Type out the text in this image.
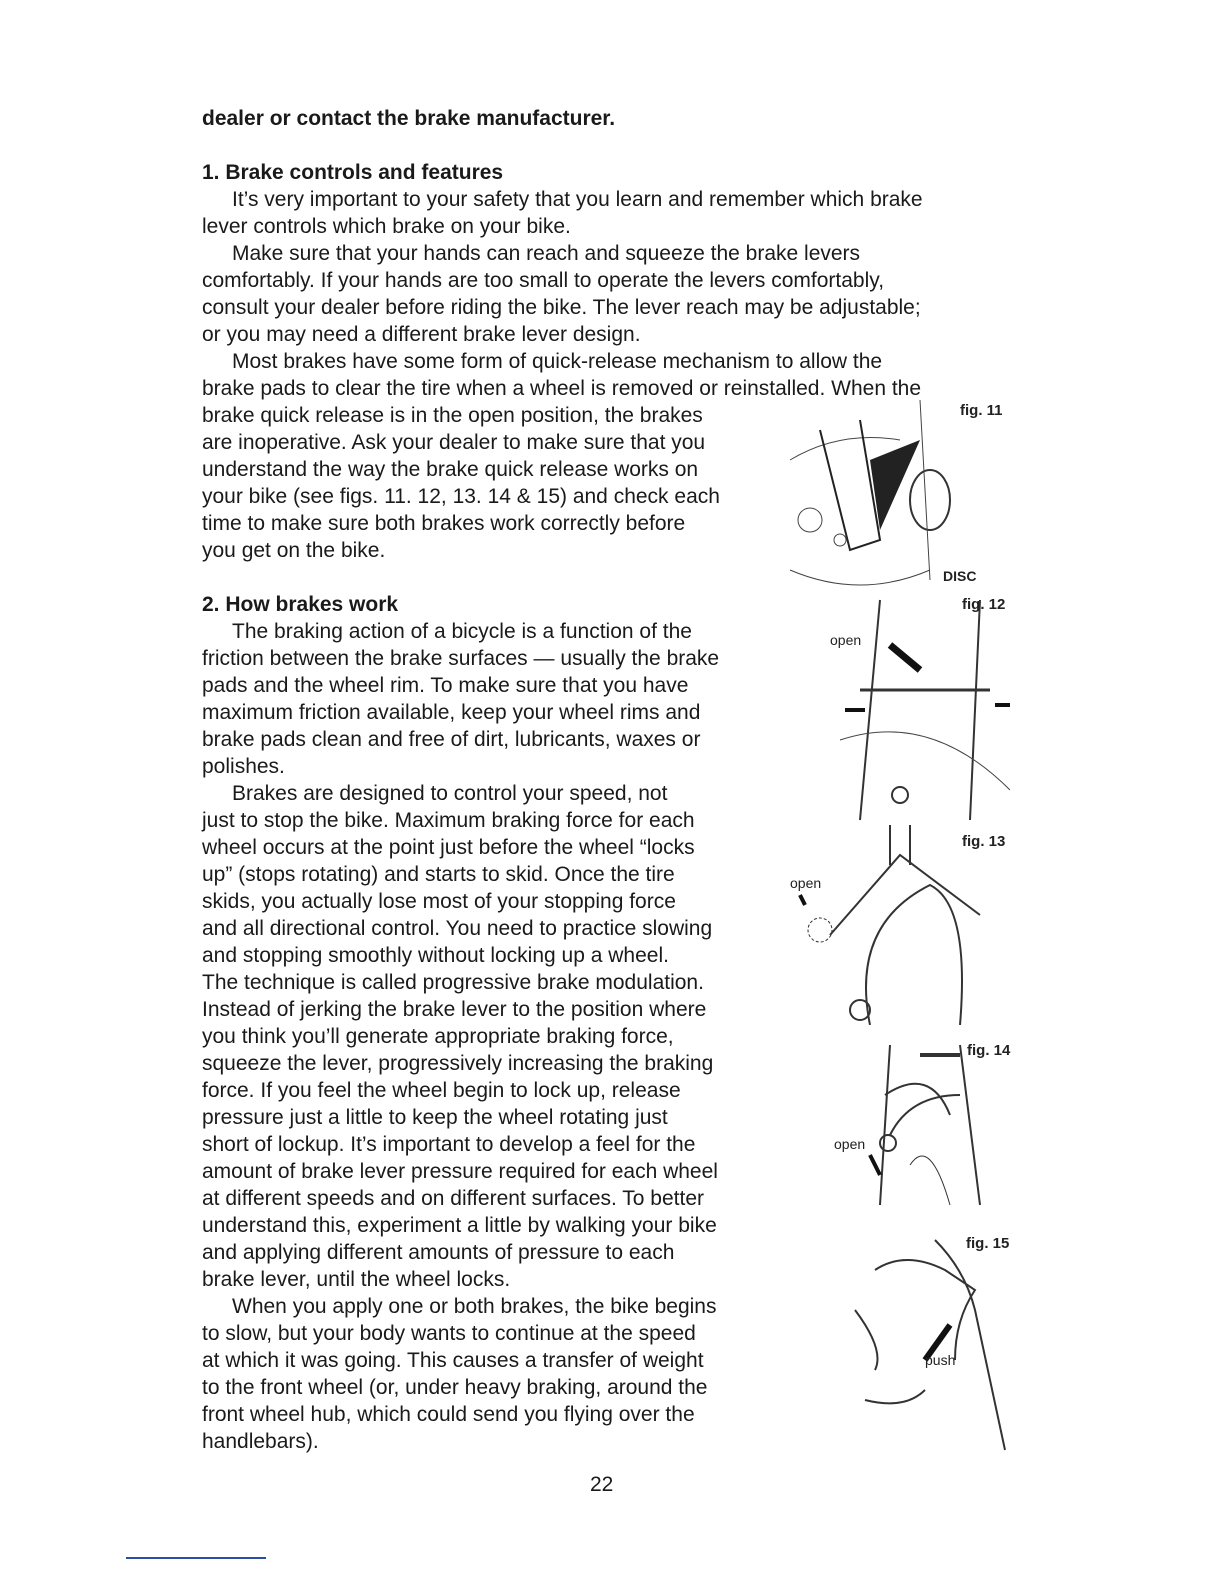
dealer or contact the brake manufacturer.
1. Brake controls and features
It’s very important to your safety that you learn and remember which brake
lever controls which brake on your bike.
Make sure that your hands can reach and squeeze the brake levers
comfortably. If your hands are too small to operate the levers comfortably,
consult your dealer before riding the bike. The lever reach may be adjustable;
or you may need a different brake lever design.
Most brakes have some form of quick-release mechanism to allow the
brake pads to clear the tire when a wheel is removed or reinstalled. When the
brake quick release is in the open position, the brakes
are inoperative. Ask your dealer to make sure that you
understand the way the brake quick release works on
your bike (see figs. 11. 12, 13. 14 & 15) and check each
time to make sure both brakes work correctly before
you get on the bike.
2. How brakes work
The braking action of a bicycle is a function of the
friction between the brake surfaces — usually the brake
pads and the wheel rim. To make sure that you have
maximum friction available, keep your wheel rims and
brake pads clean and free of dirt, lubricants, waxes or
polishes.
Brakes are designed to control your speed, not
just to stop the bike. Maximum braking force for each
wheel occurs at the point just before the wheel “locks
up” (stops rotating) and starts to skid. Once the tire
skids, you actually lose most of your stopping force
and all directional control. You need to practice slowing
and stopping smoothly without locking up a wheel.
The technique is called progressive brake modulation.
Instead of jerking the brake lever to the position where
you think you’ll generate appropriate braking force,
squeeze the lever, progressively increasing the braking
force. If you feel the wheel begin to lock up, release
pressure just a little to keep the wheel rotating just
short of lockup. It’s important to develop a feel for the
amount of brake lever pressure required for each wheel
at different speeds and on different surfaces. To better
understand this, experiment a little by walking your bike
and applying different amounts of pressure to each
brake lever, until the wheel locks.
When you apply one or both brakes, the bike begins
to slow, but your body wants to continue at the speed
at which it was going. This causes a transfer of weight
to the front wheel (or, under heavy braking, around the
front wheel hub, which could send you flying over the
handlebars).
fig. 11
DISC
fig. 12
open
fig. 13
open
fig. 14
open
fig. 15
push
22
